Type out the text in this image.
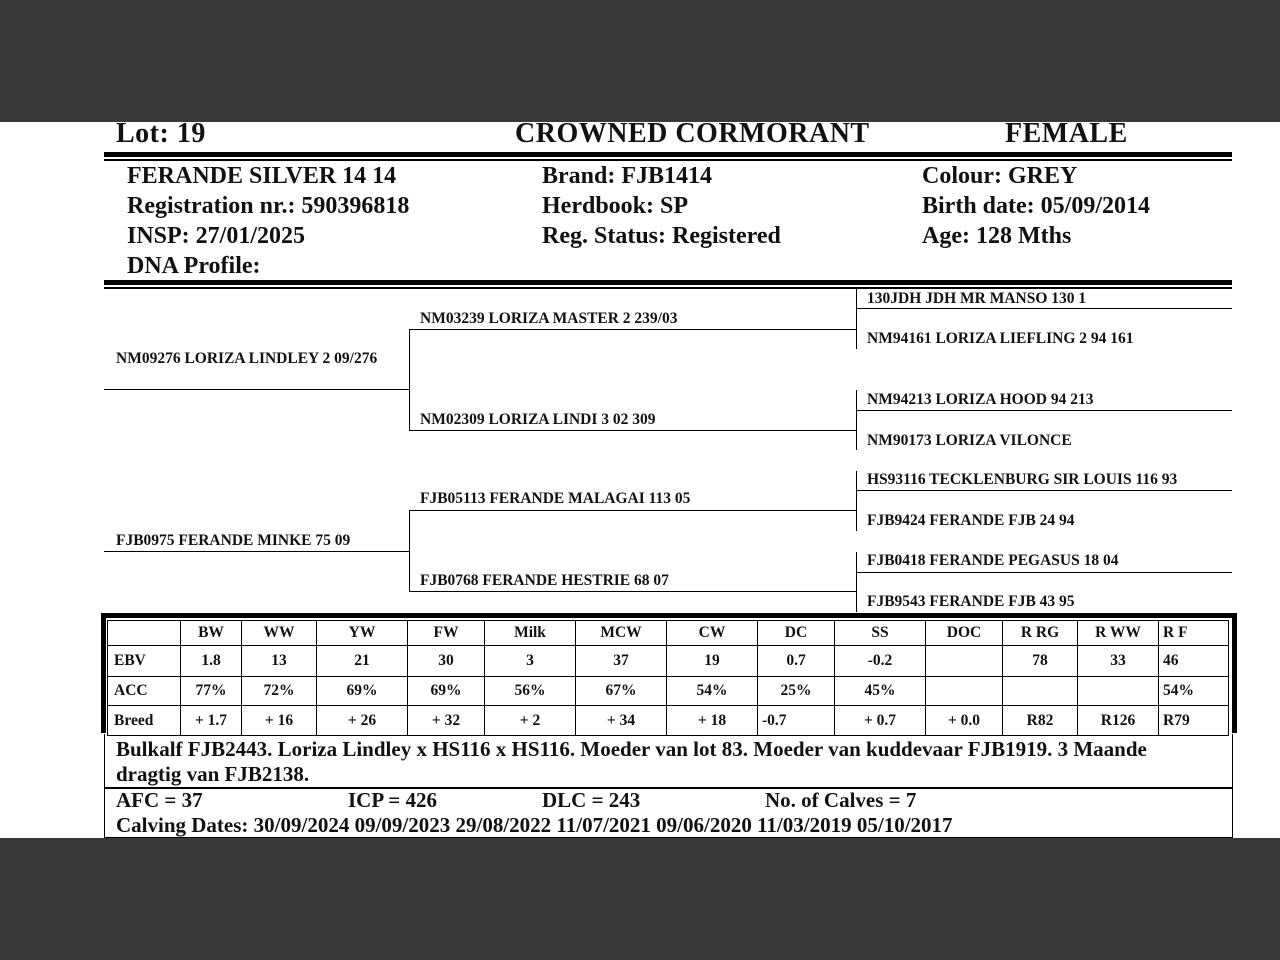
Lot: 19	CROWNED CORMORANT	FEMALE
FERANDE SILVER 14 14
Registration nr.: 590396818
INSP: 27/01/2025
DNA Profile:
Brand: FJB1414
Herdbook: SP
Reg. Status: Registered
Colour: GREY
Birth date: 05/09/2014
Age: 128 Mths
NM09276 LORIZA LINDLEY 2 09/276
FJB0975 FERANDE MINKE 75 09
NM03239 LORIZA MASTER 2 239/03
NM02309 LORIZA LINDI 3 02 309
FJB05113 FERANDE MALAGAI 113 05
FJB0768 FERANDE HESTRIE 68 07
130JDH JDH MR MANSO 130 1
NM94161 LORIZA LIEFLING 2 94 161
NM94213 LORIZA HOOD 94 213
NM90173 LORIZA VILONCE
HS93116 TECKLENBURG SIR LOUIS 116 93
FJB9424 FERANDE FJB 24 94
FJB0418 FERANDE PEGASUS 18 04
FJB9543 FERANDE FJB 43 95
	BW	WW	YW	FW	Milk	MCW	CW	DC	SS	DOC	R RG	R WW	R F
EBV	1.8	13	21	30	3	37	19	0.7	-0.2		78	33	46
ACC	77%	72%	69%	69%	56%	67%	54%	25%	45%				54%
Breed	+ 1.7	+ 16	+ 26	+ 32	+ 2	+ 34	+ 18	-0.7	+ 0.7	+ 0.0	R82	R126	R79
Bulkalf FJB2443. Loriza Lindley x HS116 x HS116. Moeder van lot 83. Moeder van kuddevaar FJB1919. 3 Maande
dragtig van FJB2138.
AFC = 37	ICP = 426	DLC = 243	No. of Calves = 7
Calving Dates: 30/09/2024 09/09/2023 29/08/2022 11/07/2021 09/06/2020 11/03/2019 05/10/2017
